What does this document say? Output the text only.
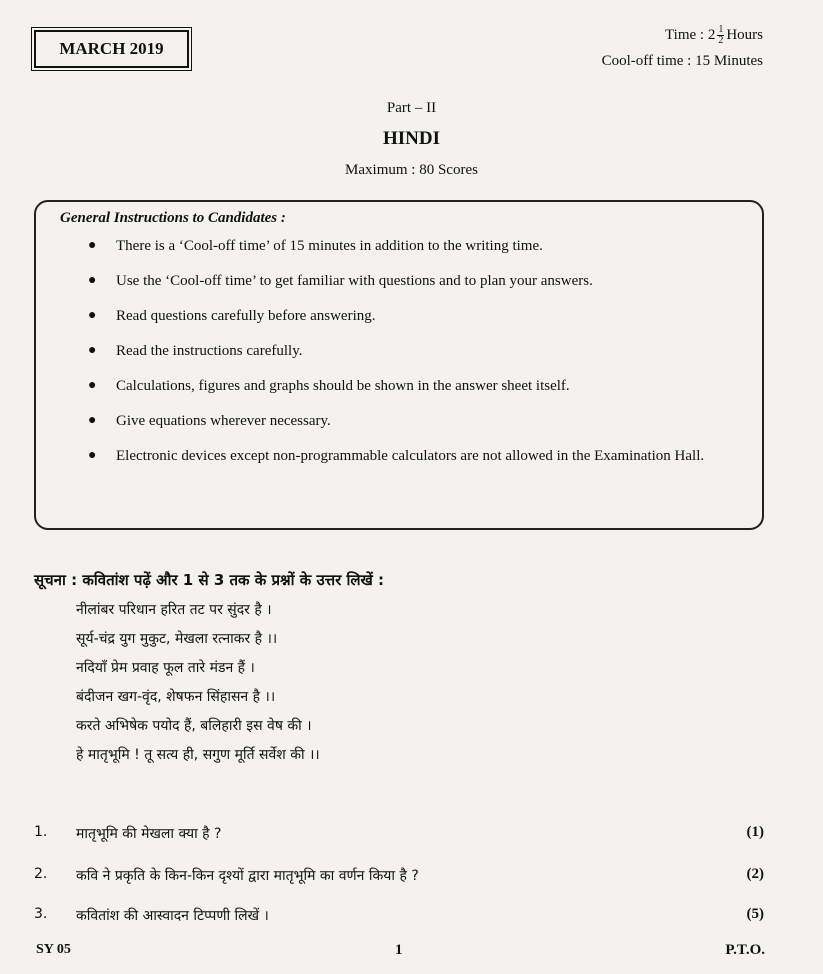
MARCH 2019
Time : $2 \frac{1}{2}$ Hours
Cool-off time : 15 Minutes
Part – II
HINDI
Maximum : 80 Scores
General Instructions to Candidates :
● There is a ‘Cool-off time’ of 15 minutes in addition to the writing time.
● Use the ‘Cool-off time’ to get familiar with questions and to plan your answers.
● Read questions carefully before answering.
● Read the instructions carefully.
● Calculations, figures and graphs should be shown in the answer sheet itself.
● Give equations wherever necessary.
● Electronic devices except non-programmable calculators are not allowed in the Examination Hall.
सूचना : कवितांश पढ़ें और 1 से 3 तक के प्रश्नों के उत्तर लिखें :
नीलांबर परिधान हरित तट पर सुंदर है ।
सूर्य-चंद्र युग मुकुट, मेखला रत्नाकर है ।।
नदियाँ प्रेम प्रवाह फूल तारे मंडन हैं ।
बंदीजन खग-वृंद, शेषफन सिंहासन है ।।
करते अभिषेक पयोद हैं, बलिहारी इस वेष की ।
हे मातृभूमि ! तू सत्य ही, सगुण मूर्ति सर्वेश की ।।
1. मातृभूमि की मेखला क्या है ?	(1)
2. कवि ने प्रकृति के किन-किन दृश्यों द्वारा मातृभूमि का वर्णन किया है ?	(2)
3. कवितांश की आस्वादन टिप्पणी लिखें ।	(5)
SY 05	1	P.T.O.
